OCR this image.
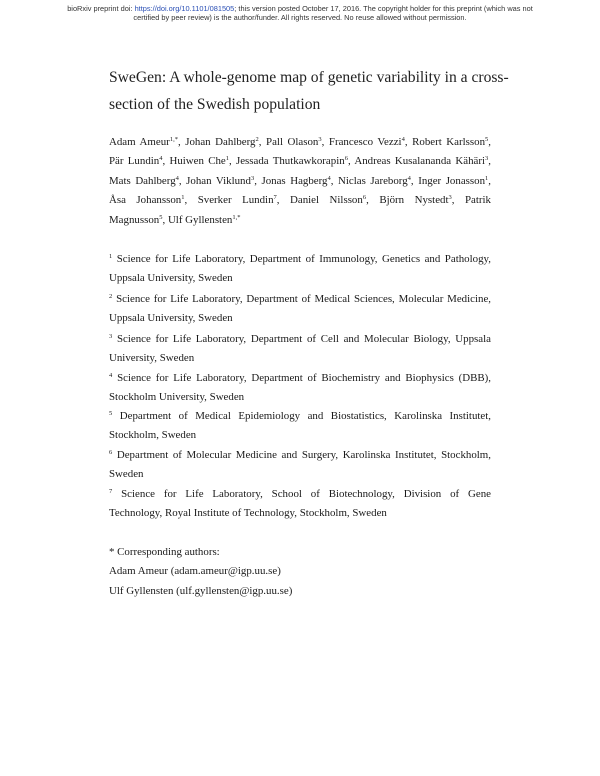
bioRxiv preprint doi: https://doi.org/10.1101/081505; this version posted October 17, 2016. The copyright holder for this preprint (which was not
certified by peer review) is the author/funder. All rights reserved. No reuse allowed without permission.
SweGen: A whole-genome map of genetic variability in a cross-
section of the Swedish population
Adam Ameur$^{1,*}$, Johan Dahlberg$^2$, Pall Olason$^3$, Francesco Vezzi$^4$, Robert Karlsson$^5$,
Pär Lundin$^4$, Huiwen Che$^1$, Jessada Thutkawkorapin$^6$, Andreas Kusalananda Kähäri$^3$,
Mats Dahlberg$^4$, Johan Viklund$^3$, Jonas Hagberg$^4$, Niclas Jareborg$^4$, Inger Jonasson$^1$,
Åsa Johansson$^1$, Sverker Lundin$^7$, Daniel Nilsson$^6$, Björn Nystedt$^3$, Patrik
Magnusson$^5$, Ulf Gyllensten$^{1,*}$
$^1$ Science for Life Laboratory, Department of Immunology, Genetics and Pathology,
Uppsala University, Sweden
$^2$ Science for Life Laboratory, Department of Medical Sciences, Molecular Medicine,
Uppsala University, Sweden
$^3$ Science for Life Laboratory, Department of Cell and Molecular Biology, Uppsala
University, Sweden
$^4$ Science for Life Laboratory, Department of Biochemistry and Biophysics (DBB),
Stockholm University, Sweden
$^5$ Department of Medical Epidemiology and Biostatistics, Karolinska Institutet,
Stockholm, Sweden
$^6$ Department of Molecular Medicine and Surgery, Karolinska Institutet, Stockholm,
Sweden
$^7$ Science for Life Laboratory, School of Biotechnology, Division of Gene
Technology, Royal Institute of Technology, Stockholm, Sweden
* Corresponding authors:
Adam Ameur (adam.ameur@igp.uu.se)
Ulf Gyllensten (ulf.gyllensten@igp.uu.se)
